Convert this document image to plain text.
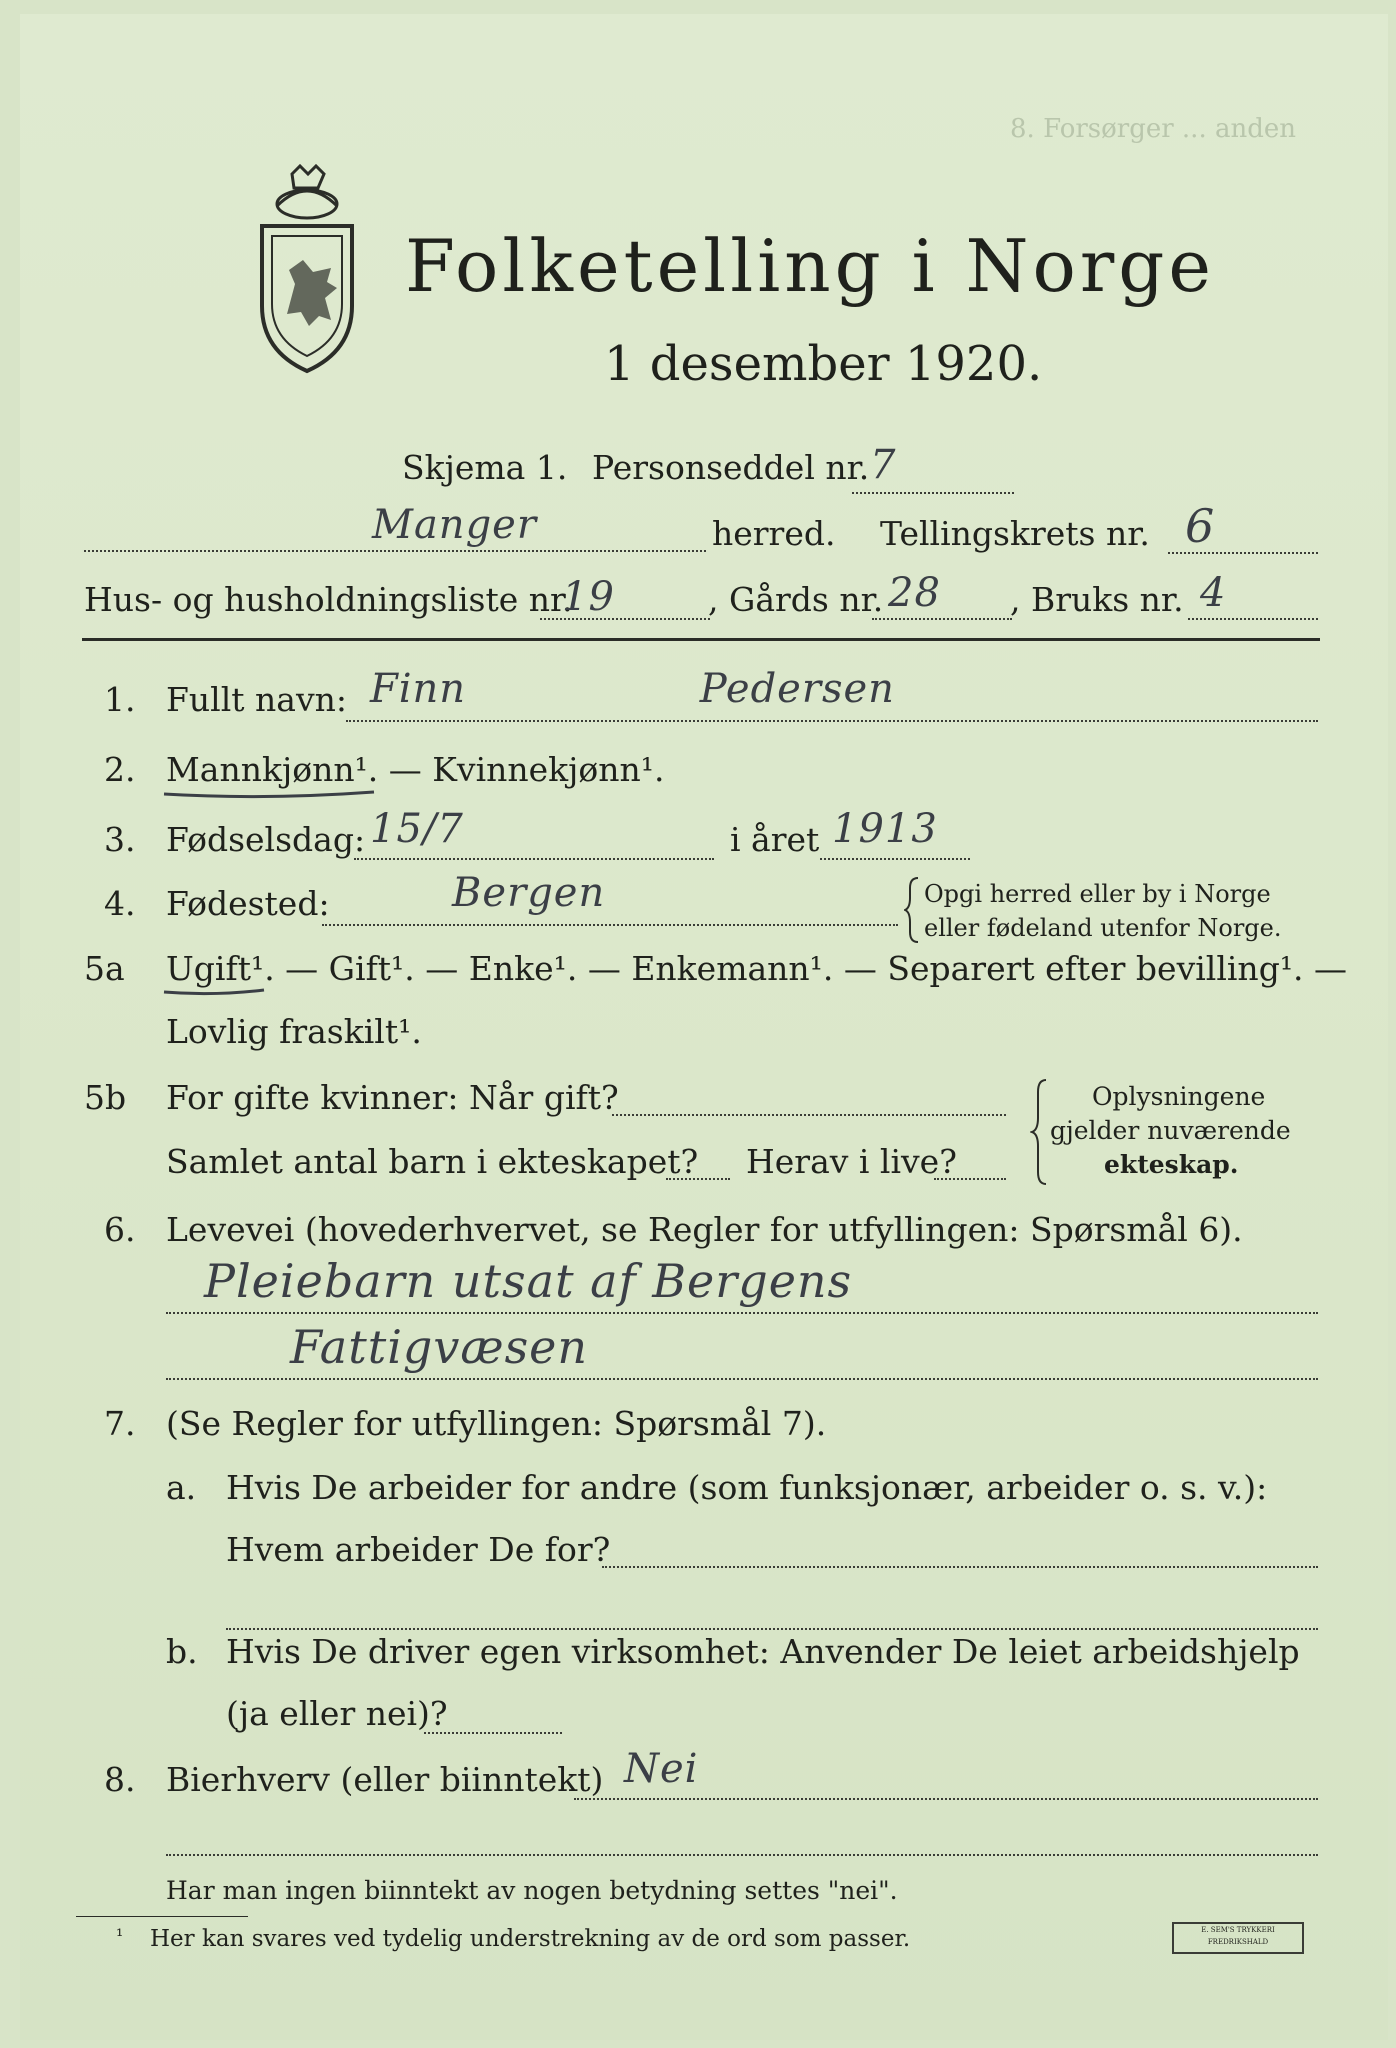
8. Forsørger ... anden
Folketelling i Norge
1 desember 1920.
Skjema 1. Personseddel nr. 7
Manger	herred. Tellingskrets nr. 6
Hus- og husholdningsliste nr.
19	, Gårds nr. 28 , Bruks nr. 4
1. Fullt navn: Finn Pedersen
2. Mannkjønn¹. — Kvinnekjønn¹.
3. Fødselsdag: 15/7	i året 1913
4. Fødested:	Bergen	Opgi herred eller by i Norge
eller fødeland utenfor Norge.
5a Ugift¹. — Gift¹. — Enke¹. — Enkemann¹. — Separert efter bevilling¹. —
Lovlig fraskilt¹.
5b For gifte kvinner: Når gift?
Samlet antal barn i ekteskapet? Herav i live?
Oplysningene
gjelder nuværende
ekteskap.
6. Levevei (hovederhvervet, se Regler for utfyllingen: Spørsmål 6).
Pleiebarn utsat af Bergens
Fattigvæsen
7. (Se Regler for utfyllingen: Spørsmål 7).
a. Hvis De arbeider for andre (som funksjonær, arbeider o. s. v.):
Hvem arbeider De for?
b. Hvis De driver egen virksomhet: Anvender De leiet arbeidshjelp
(ja eller nei)?
8. Bierhverv (eller biinntekt) Nei
Har man ingen biinntekt av nogen betydning settes "nei".
¹ Her kan svares ved tydelig understrekning av de ord som passer.	E. SEM'S TRYKKERI FREDRIKSHALD
